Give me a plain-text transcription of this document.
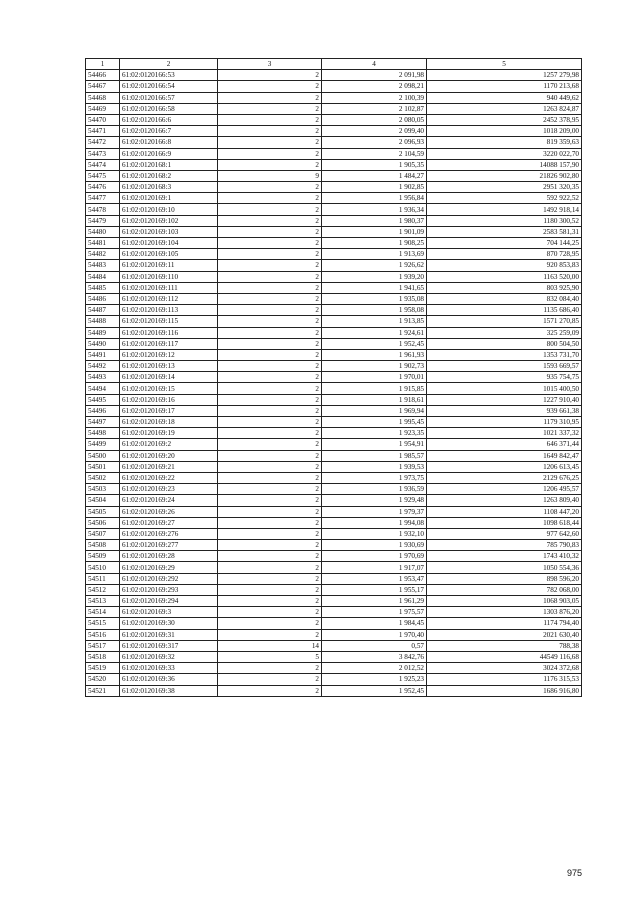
1	2	3	4	5
54466	61:02:0120166:53	2	2 091,98	1257 279,98
54467	61:02:0120166:54	2	2 098,21	1170 213,68
54468	61:02:0120166:57	2	2 100,39	940 449,62
54469	61:02:0120166:58	2	2 102,87	1263 824,87
54470	61:02:0120166:6	2	2 080,05	2452 378,95
54471	61:02:0120166:7	2	2 099,40	1018 209,00
54472	61:02:0120166:8	2	2 096,93	819 359,63
54473	61:02:0120166:9	2	2 104,59	3220 022,70
54474	61:02:0120168:1	2	1 905,35	14088 157,90
54475	61:02:0120168:2	9	1 484,27	21826 902,80
54476	61:02:0120168:3	2	1 902,85	2951 320,35
54477	61:02:0120169:1	2	1 956,84	592 922,52
54478	61:02:0120169:10	2	1 936,34	1492 918,14
54479	61:02:0120169:102	2	1 980,37	1180 300,52
54480	61:02:0120169:103	2	1 901,09	2583 581,31
54481	61:02:0120169:104	2	1 908,25	704 144,25
54482	61:02:0120169:105	2	1 913,69	870 728,95
54483	61:02:0120169:11	2	1 926,62	920 853,83
54484	61:02:0120169:110	2	1 939,20	1163 520,00
54485	61:02:0120169:111	2	1 941,65	803 925,90
54486	61:02:0120169:112	2	1 935,08	832 084,40
54487	61:02:0120169:113	2	1 958,08	1135 686,40
54488	61:02:0120169:115	2	1 913,85	1571 270,85
54489	61:02:0120169:116	2	1 924,61	325 259,09
54490	61:02:0120169:117	2	1 952,45	800 504,50
54491	61:02:0120169:12	2	1 961,93	1353 731,70
54492	61:02:0120169:13	2	1 902,73	1593 669,57
54493	61:02:0120169:14	2	1 970,01	935 754,75
54494	61:02:0120169:15	2	1 915,85	1015 400,50
54495	61:02:0120169:16	2	1 918,61	1227 910,40
54496	61:02:0120169:17	2	1 969,94	939 661,38
54497	61:02:0120169:18	2	1 995,45	1179 310,95
54498	61:02:0120169:19	2	1 923,35	1021 337,32
54499	61:02:0120169:2	2	1 954,91	646 371,44
54500	61:02:0120169:20	2	1 985,57	1649 842,47
54501	61:02:0120169:21	2	1 939,53	1206 613,45
54502	61:02:0120169:22	2	1 973,75	2129 676,25
54503	61:02:0120169:23	2	1 936,59	1206 495,57
54504	61:02:0120169:24	2	1 929,48	1263 809,40
54505	61:02:0120169:26	2	1 979,37	1108 447,20
54506	61:02:0120169:27	2	1 994,08	1098 618,44
54507	61:02:0120169:276	2	1 932,10	977 642,60
54508	61:02:0120169:277	2	1 930,69	785 790,83
54509	61:02:0120169:28	2	1 970,69	1743 410,32
54510	61:02:0120169:29	2	1 917,07	1050 554,36
54511	61:02:0120169:292	2	1 953,47	898 596,20
54512	61:02:0120169:293	2	1 955,17	782 068,00
54513	61:02:0120169:294	2	1 961,29	1068 903,05
54514	61:02:0120169:3	2	1 975,57	1303 876,20
54515	61:02:0120169:30	2	1 984,45	1174 794,40
54516	61:02:0120169:31	2	1 970,40	2021 630,40
54517	61:02:0120169:317	14	0,57	788,38
54518	61:02:0120169:32	5	3 842,76	44549 116,68
54519	61:02:0120169:33	2	2 012,52	3024 372,68
54520	61:02:0120169:36	2	1 925,23	1176 315,53
54521	61:02:0120169:38	2	1 952,45	1686 916,80
975
